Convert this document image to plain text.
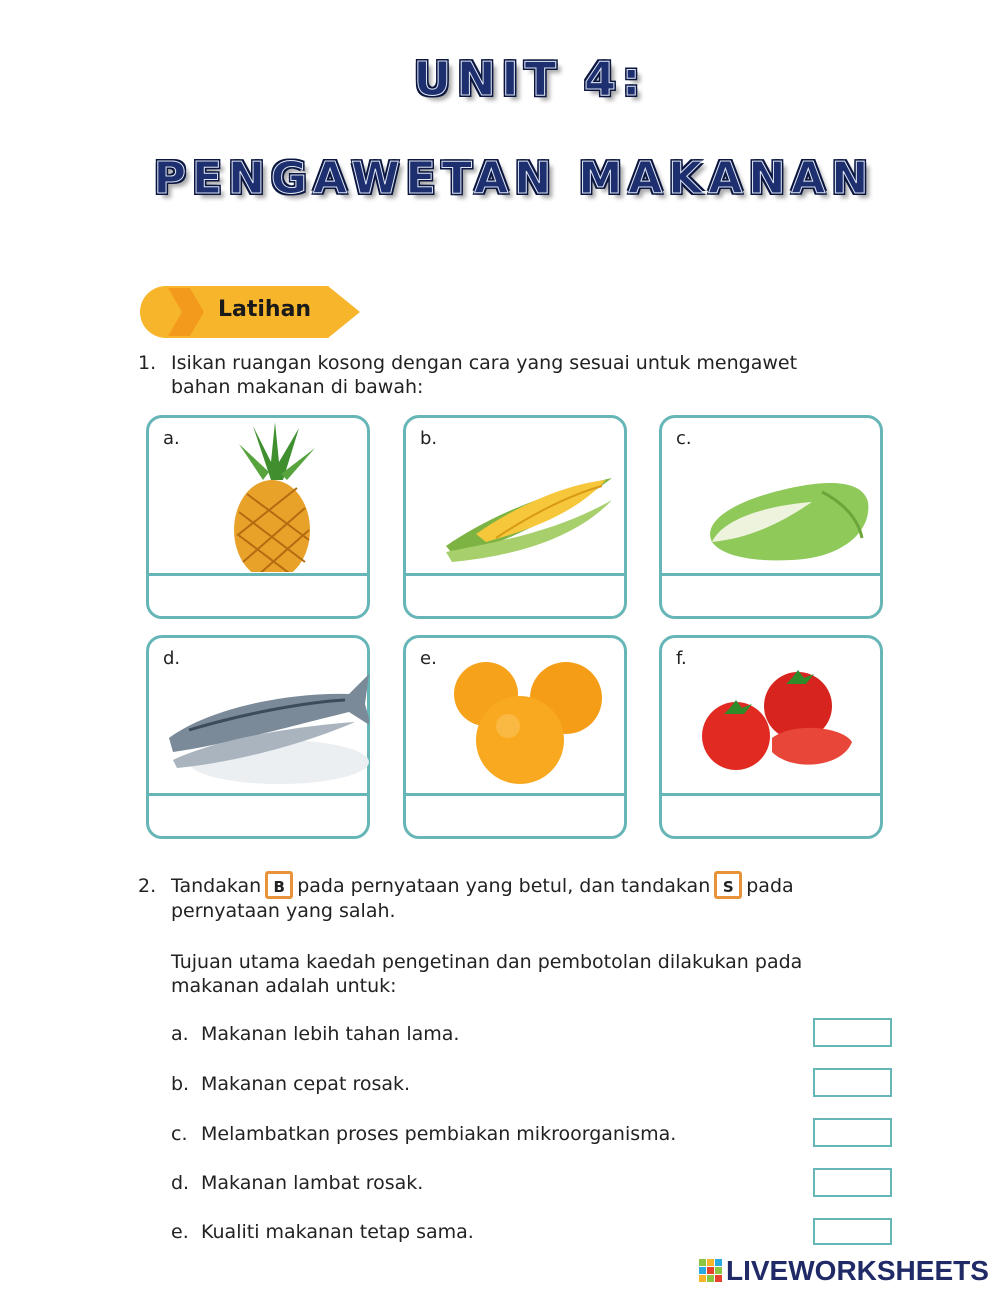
UNIT 4:
PENGAWETAN MAKANAN
Latihan
1. Isikan ruangan kosong dengan cara yang sesuai untuk mengawet bahan makanan di bawah:
a.	b.	c.
d.	e.	f.
2. Tandakan B pada pernyataan yang betul, dan tandakan S pada
pernyataan yang salah.
Tujuan utama kaedah pengetinan dan pembotolan dilakukan pada makanan adalah untuk:
a. Makanan lebih tahan lama.
b. Makanan cepat rosak.
c. Melambatkan proses pembiakan mikroorganisma.
d. Makanan lambat rosak.
e. Kualiti makanan tetap sama.
LIVEWORKSHEETS
